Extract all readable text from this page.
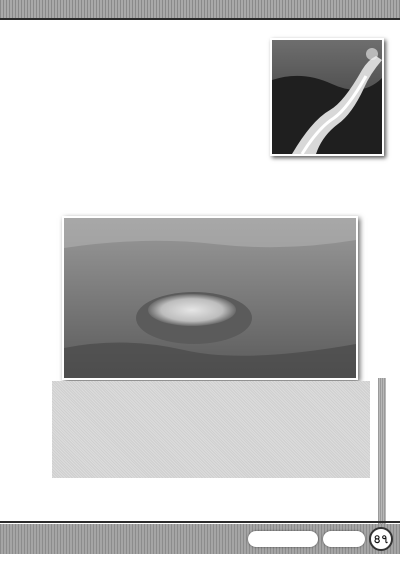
৪৭
